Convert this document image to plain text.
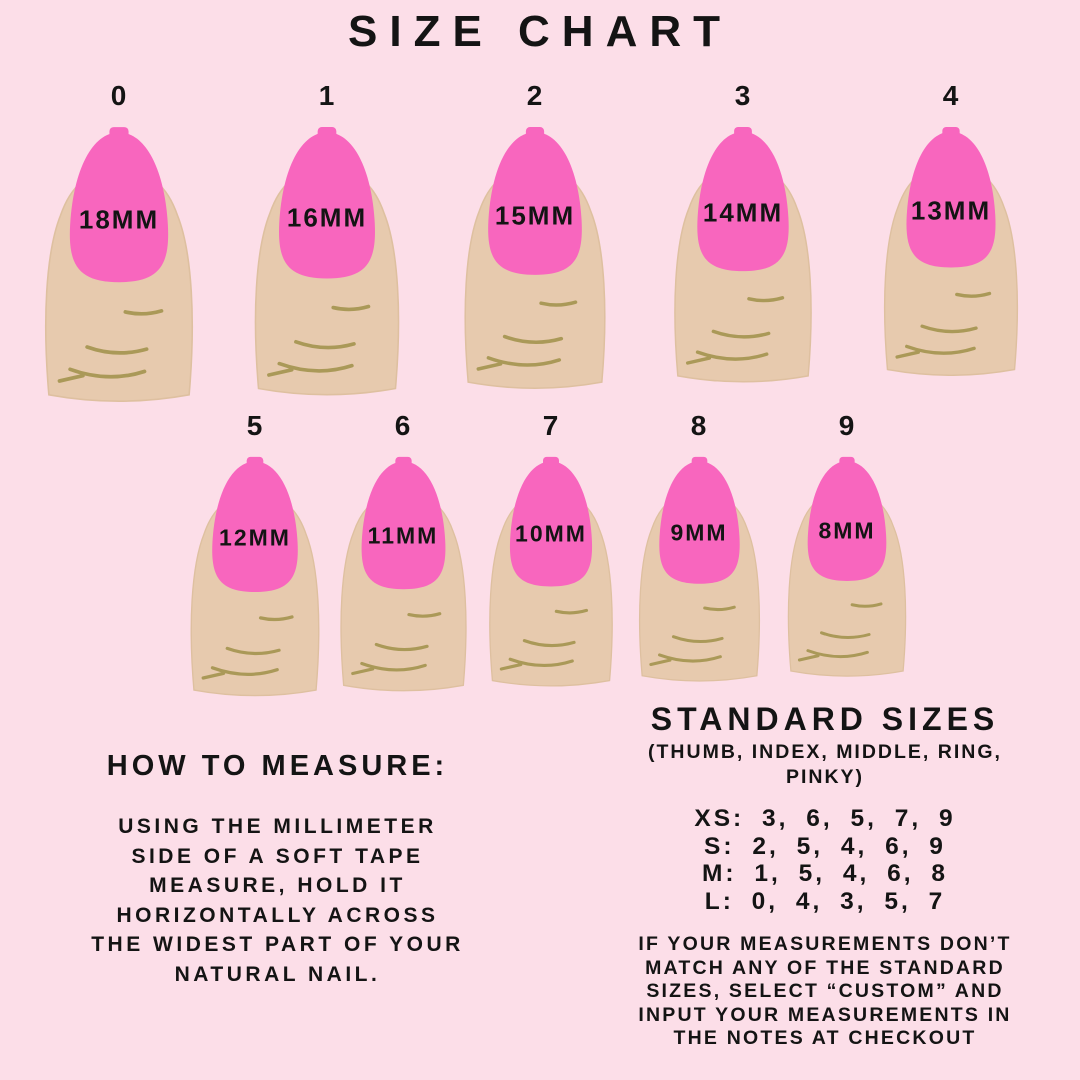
SIZE CHART
0
18MM
1
16MM
2
15MM
3
14MM
4
13MM
5
12MM
6
11MM
7
10MM
8
9MM
9
8MM
HOW TO MEASURE:
USING THE MILLIMETER
SIDE OF A SOFT TAPE
MEASURE, HOLD IT
HORIZONTALLY ACROSS
THE WIDEST PART OF YOUR
NATURAL NAIL.
STANDARD SIZES
(THUMB, INDEX, MIDDLE, RING,
PINKY)
XS: 3, 6, 5, 7, 9
S: 2, 5, 4, 6, 9
M: 1, 5, 4, 6, 8
L: 0, 4, 3, 5, 7
IF YOUR MEASUREMENTS DON’T
MATCH ANY OF THE STANDARD
SIZES, SELECT “CUSTOM” AND
INPUT YOUR MEASUREMENTS IN
THE NOTES AT CHECKOUT
